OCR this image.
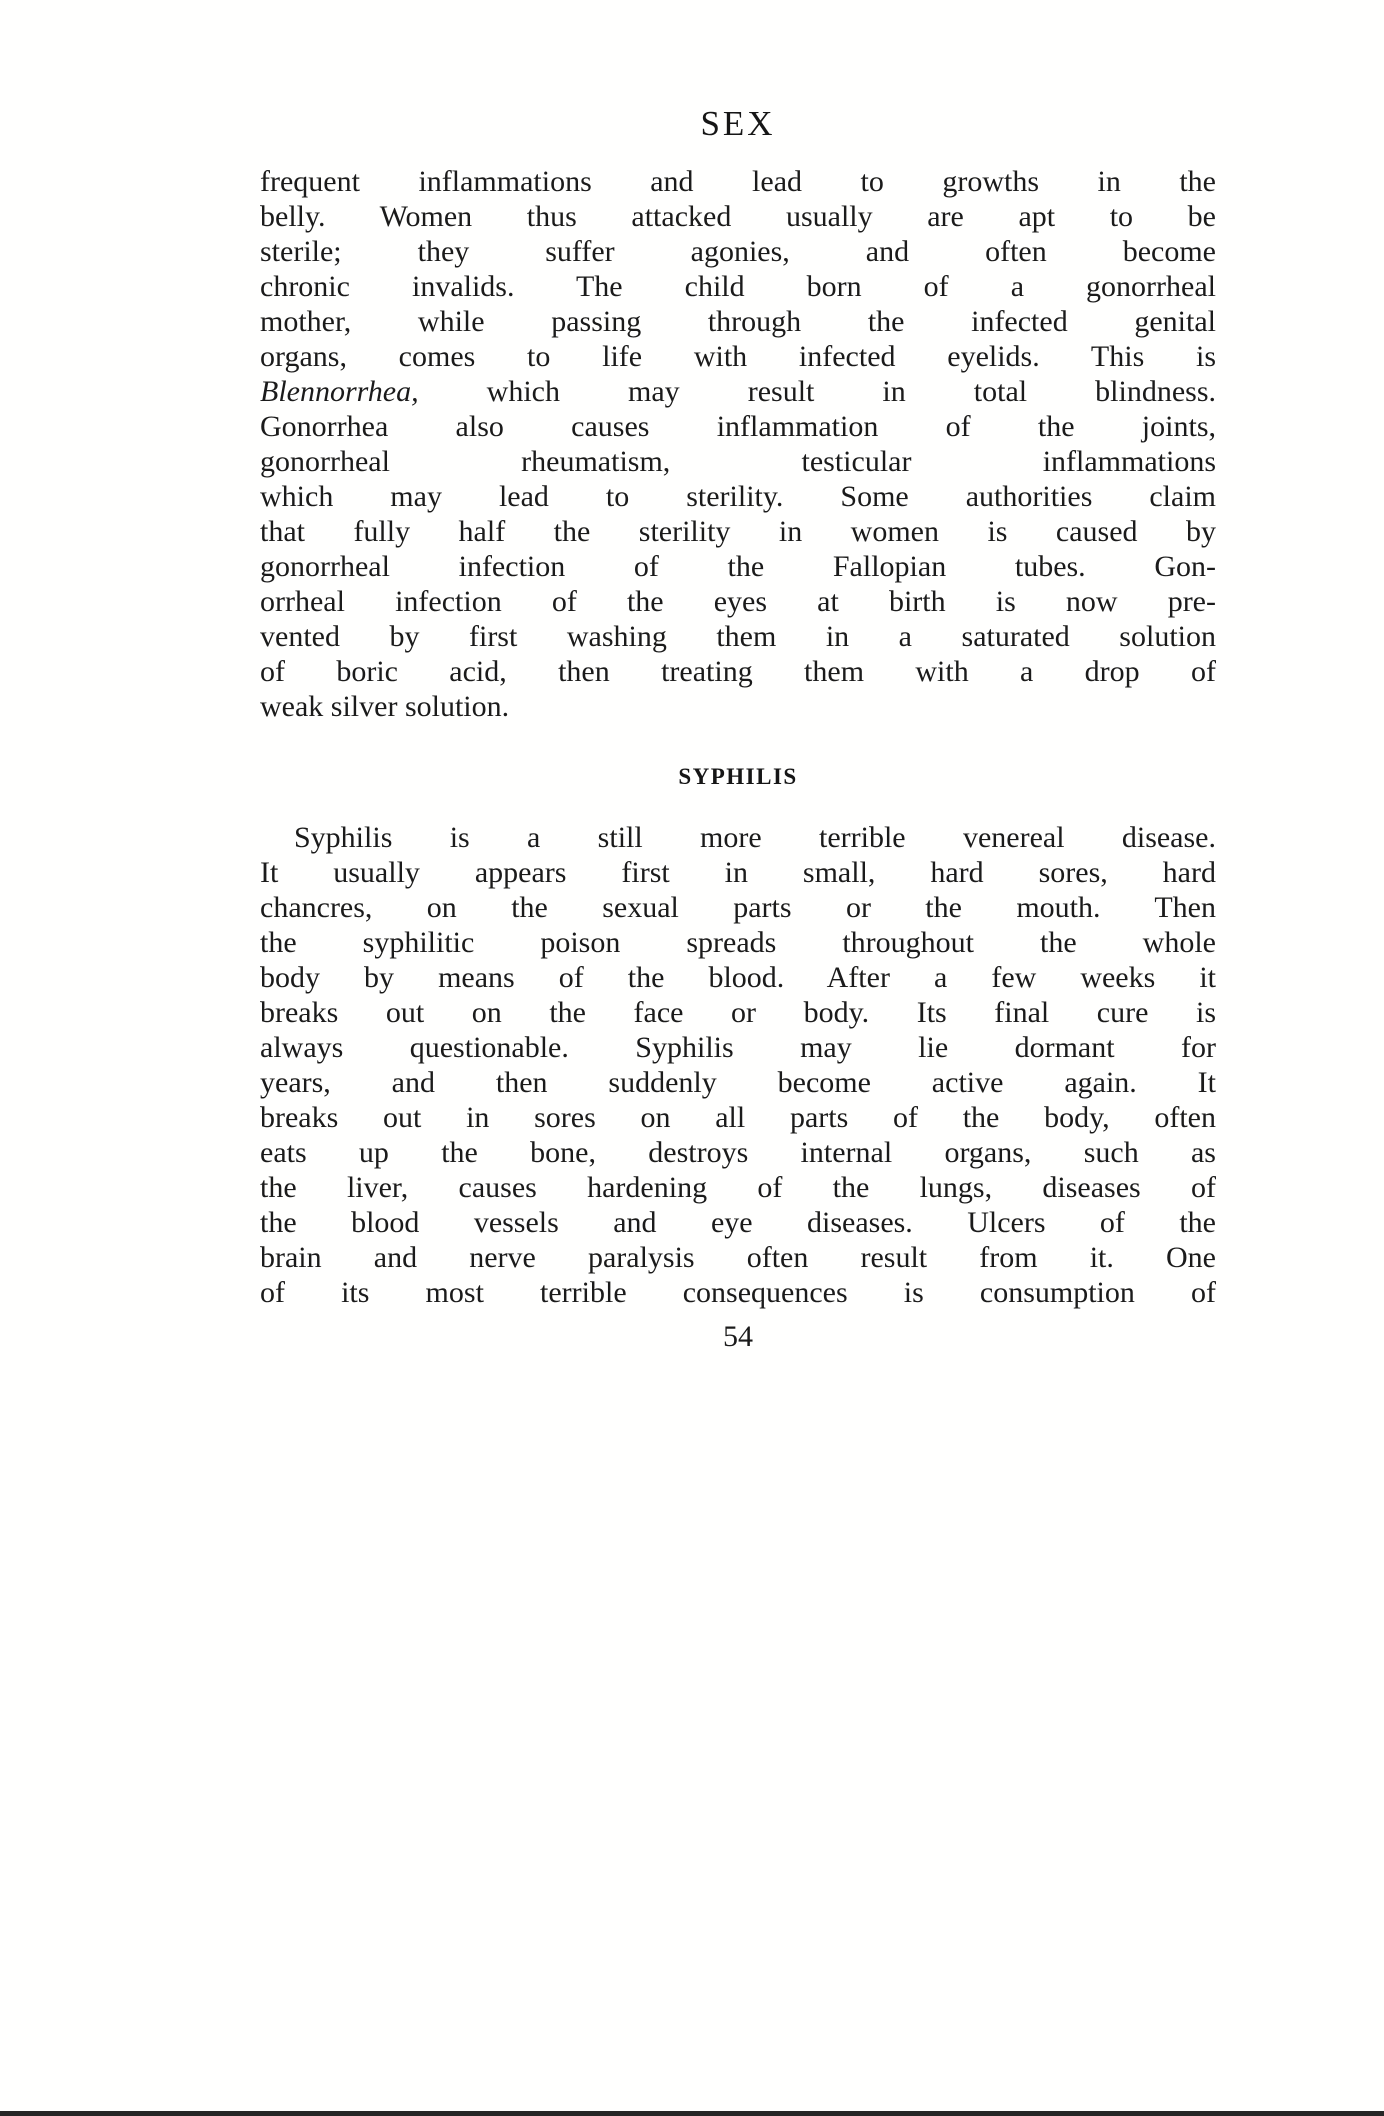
SEX
frequent inflammations and lead to growths in the
belly. Women thus attacked usually are apt to be
sterile; they suffer agonies, and often become
chronic invalids. The child born of a gonorrheal
mother, while passing through the infected genital
organs, comes to life with infected eyelids. This is
Blennorrhea, which may result in total blindness.
Gonorrhea also causes inflammation of the joints,
gonorrheal rheumatism, testicular inflammations
which may lead to sterility. Some authorities claim
that fully half the sterility in women is caused by
gonorrheal infection of the Fallopian tubes. Gon-
orrheal infection of the eyes at birth is now pre-
vented by first washing them in a saturated solution
of boric acid, then treating them with a drop of
weak silver solution.
SYPHILIS
Syphilis is a still more terrible venereal disease.
It usually appears first in small, hard sores, hard
chancres, on the sexual parts or the mouth. Then
the syphilitic poison spreads throughout the whole
body by means of the blood. After a few weeks it
breaks out on the face or body. Its final cure is
always questionable. Syphilis may lie dormant for
years, and then suddenly become active again. It
breaks out in sores on all parts of the body, often
eats up the bone, destroys internal organs, such as
the liver, causes hardening of the lungs, diseases of
the blood vessels and eye diseases. Ulcers of the
brain and nerve paralysis often result from it. One
of its most terrible consequences is consumption of
54
